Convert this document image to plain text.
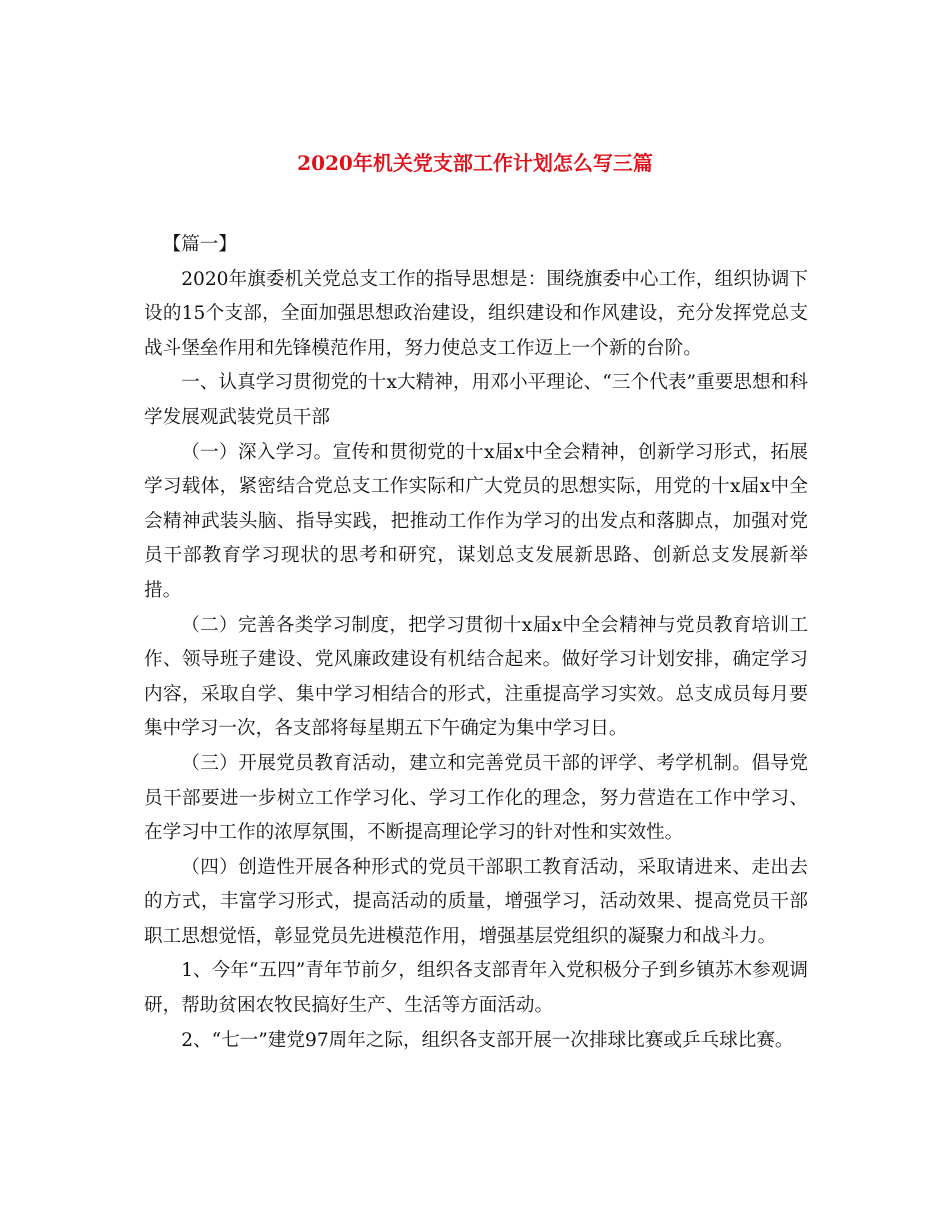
2020年机关党支部工作计划怎么写三篇

【篇一】

2020年旗委机关党总支工作的指导思想是：围绕旗委中心工作，组织协调下设的15个支部，全面加强思想政治建设，组织建设和作风建设，充分发挥党总支战斗堡垒作用和先锋模范作用，努力使总支工作迈上一个新的台阶。

一、认真学习贯彻党的十x大精神，用邓小平理论、“三个代表”重要思想和科学发展观武装党员干部

（一）深入学习。宣传和贯彻党的十x届x中全会精神，创新学习形式，拓展学习载体，紧密结合党总支工作实际和广大党员的思想实际，用党的十x届x中全会精神武装头脑、指导实践，把推动工作作为学习的出发点和落脚点，加强对党员干部教育学习现状的思考和研究，谋划总支发展新思路、创新总支发展新举措。

（二）完善各类学习制度，把学习贯彻十x届x中全会精神与党员教育培训工作、领导班子建设、党风廉政建设有机结合起来。做好学习计划安排，确定学习内容，采取自学、集中学习相结合的形式，注重提高学习实效。总支成员每月要集中学习一次，各支部将每星期五下午确定为集中学习日。

（三）开展党员教育活动，建立和完善党员干部的评学、考学机制。倡导党员干部要进一步树立工作学习化、学习工作化的理念，努力营造在工作中学习、在学习中工作的浓厚氛围，不断提高理论学习的针对性和实效性。

（四）创造性开展各种形式的党员干部职工教育活动，采取请进来、走出去的方式，丰富学习形式，提高活动的质量，增强学习，活动效果、提高党员干部职工思想觉悟，彰显党员先进模范作用，增强基层党组织的凝聚力和战斗力。

1、今年“五四”青年节前夕，组织各支部青年入党积极分子到乡镇苏木参观调研，帮助贫困农牧民搞好生产、生活等方面活动。

2、“七一”建党97周年之际，组织各支部开展一次排球比赛或乒乓球比赛。
